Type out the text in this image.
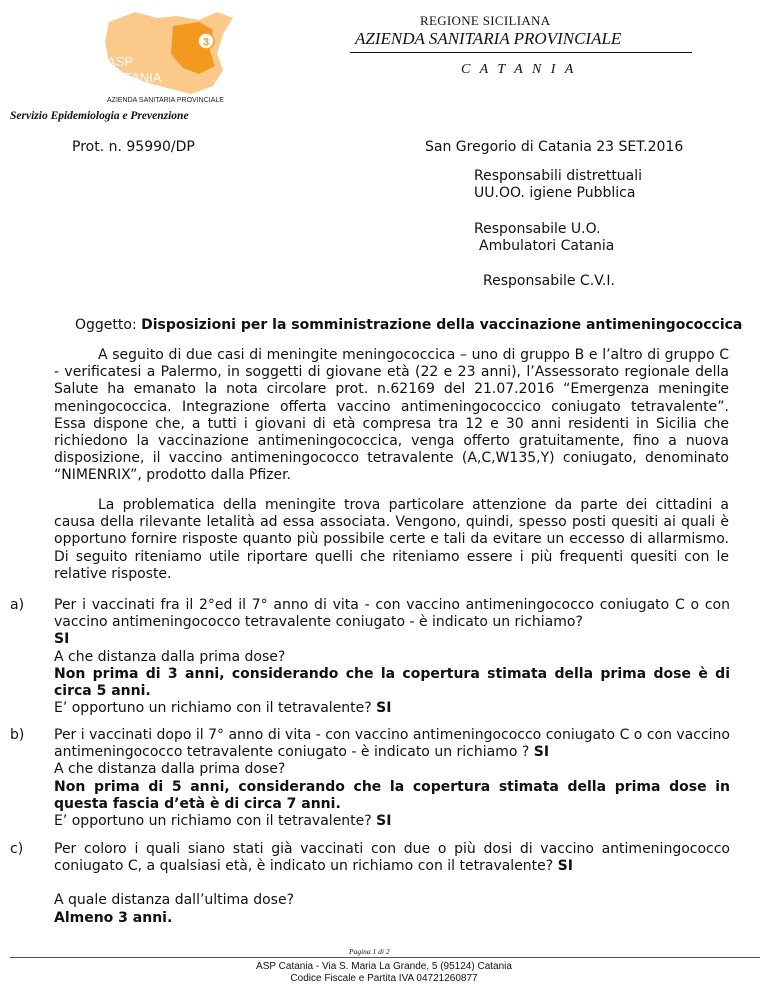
3
ASP
CATANIA
AZIENDA SANITARIA PROVINCIALE
REGIONE SICILIANA
AZIENDA SANITARIA PROVINCIALE
C A T A N I A
Servizio Epidemiologia e Prevenzione
Prot. n. 95990/DP	San Gregorio di Catania 23 SET.2016
Responsabili distrettuali
UU.OO. igiene Pubblica
Responsabile U.O.
Ambulatori Catania
Responsabile C.V.I.
Oggetto: Disposizioni per la somministrazione della vaccinazione antimeningococcica
A seguito di due casi di meningite meningococcica – uno di gruppo B e l’altro di gruppo C - verificatesi a Palermo, in soggetti di giovane età (22 e 23 anni), l’Assessorato regionale della Salute ha emanato la nota circolare prot. n.62169 del 21.07.2016 “Emergenza meningite meningococcica. Integrazione offerta vaccino antimeningococcico coniugato tetravalente”. Essa dispone che, a tutti i giovani di età compresa tra 12 e 30 anni residenti in Sicilia che richiedono la vaccinazione antimeningococcica, venga offerto gratuitamente, fino a nuova disposizione, il vaccino antimeningococco tetravalente (A,C,W135,Y) coniugato, denominato “NIMENRIX”, prodotto dalla Pfizer.
La problematica della meningite trova particolare attenzione da parte dei cittadini a causa della rilevante letalità ad essa associata. Vengono, quindi, spesso posti quesiti ai quali è opportuno fornire risposte quanto più possibile certe e tali da evitare un eccesso di allarmismo. Di seguito riteniamo utile riportare quelli che riteniamo essere i più frequenti quesiti con le relative risposte.
a) Per i vaccinati fra il 2°ed il 7° anno di vita - con vaccino antimeningococco coniugato C o con vaccino antimeningococco tetravalente coniugato - è indicato un richiamo?
SI
A che distanza dalla prima dose?
Non prima di 3 anni, considerando che la copertura stimata della prima dose è di circa 5 anni.
E’ opportuno un richiamo con il tetravalente? SI
b) Per i vaccinati dopo il 7° anno di vita - con vaccino antimeningococco coniugato C o con vaccino antimeningococco tetravalente coniugato - è indicato un richiamo ? SI
A che distanza dalla prima dose?
Non prima di 5 anni, considerando che la copertura stimata della prima dose in questa fascia d’età è di circa 7 anni.
E’ opportuno un richiamo con il tetravalente? SI
c) Per coloro i quali siano stati già vaccinati con due o più dosi di vaccino antimeningococco coniugato C, a qualsiasi età, è indicato un richiamo con il tetravalente? SI
A quale distanza dall’ultima dose?
Almeno 3 anni.
Pagina 1 di 2
ASP Catania - Via S. Maria La Grande, 5 (95124) Catania
Codice Fiscale e Partita IVA 04721260877
